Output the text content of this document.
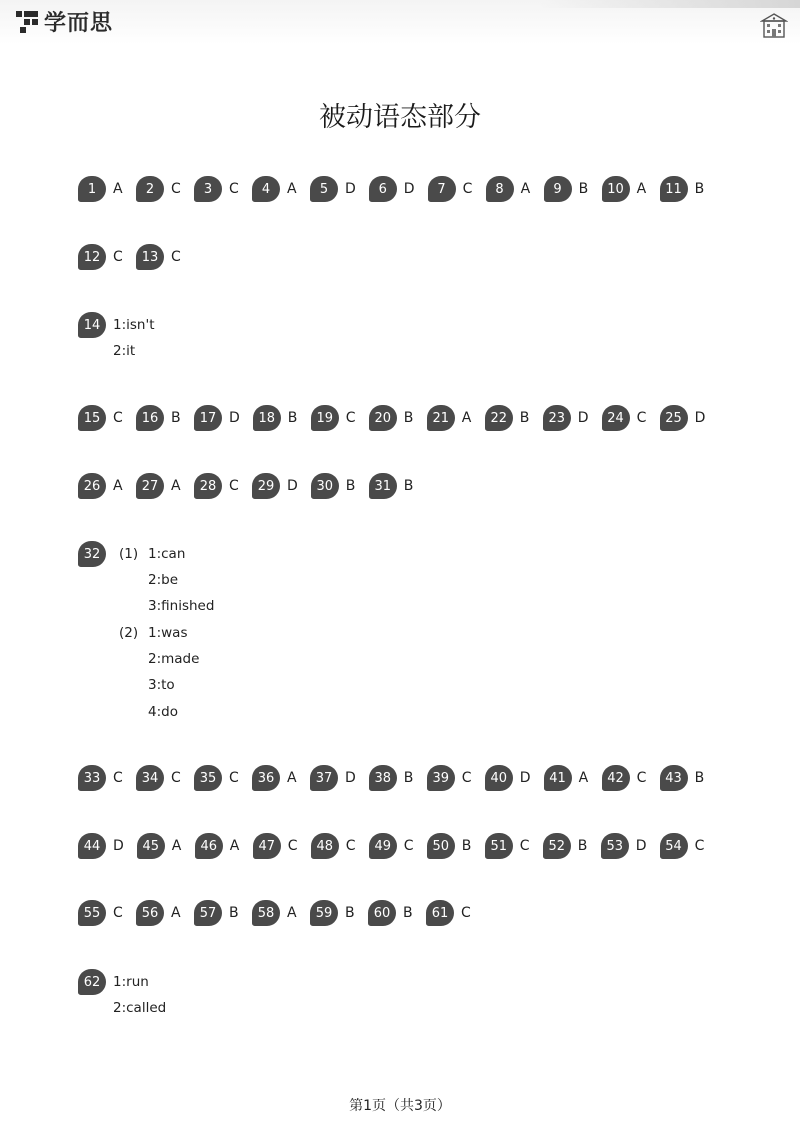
学而思
被动语态部分
1	A	2	C	3	C	4	A	5	D	6	D	7	C	8	A	9	B	10 A	11 B
12 C	13 C
15 C	16 B	17 D	18 B	19 C	20 B	21 A	22 B	23 D	24 C	25 D
26 A	27 A	28 C	29 D	30 B	31 B
33 C	34 C	35 C	36 A	37 D	38 B	39 C	40 D	41 A	42 C	43 B
44 D	45 A	46 A	47 C	48 C	49 C	50 B	51 C	52 B	53 D	54 C
55 C	56 A	57 B	58 A	59 B	60 B	61 C
14 1:isn't
2:it
32	(1) 1:can
2:be
3:finished
(2) 1:was
2:made
3:to
4:do
62 1:run
2:called
第1页（共3页）
